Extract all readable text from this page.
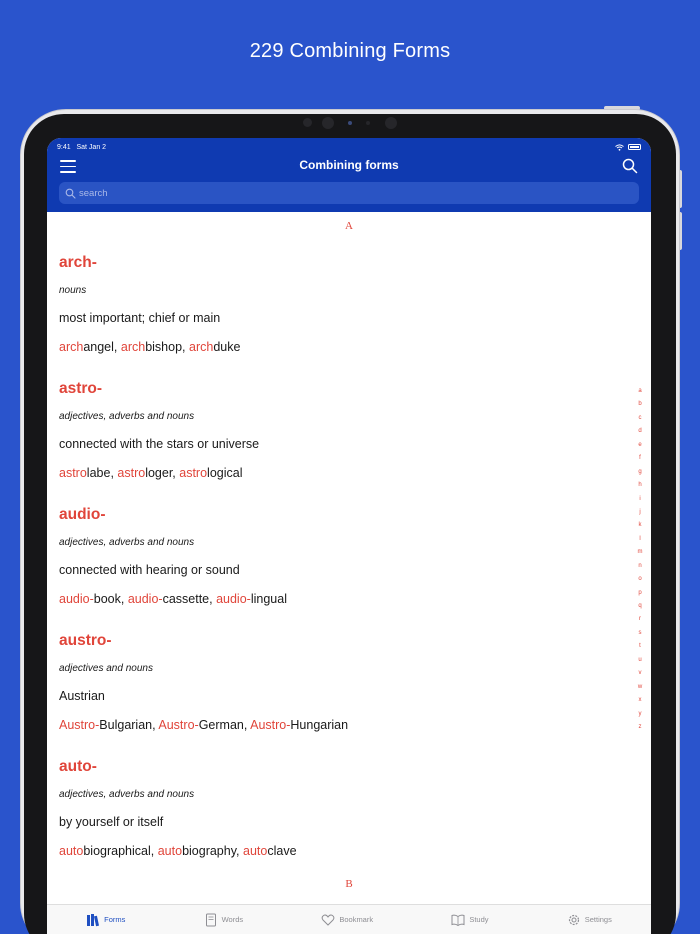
229 Combining Forms
9:41 Sat Jan 2
Combining forms
search
A
arch-
nouns
most important; chief or main
archangel, archbishop, archduke
astro-
adjectives, adverbs and nouns
connected with the stars or universe
astrolabe, astrologer, astrological
audio-
adjectives, adverbs and nouns
connected with hearing or sound
audio-book, audio-cassette, audio-lingual
austro-
adjectives and nouns
Austrian
Austro-Bulgarian, Austro-German, Austro-Hungarian
auto-
adjectives, adverbs and nouns
by yourself or itself
autobiographical, autobiography, autoclave
B
a
b
c
d
e
f
g
h
i
j
k
l
m
n
o
p
q
r
s
t
u
v
w
x
y
z
Forms	Words	Bookmark	Study	Settings
